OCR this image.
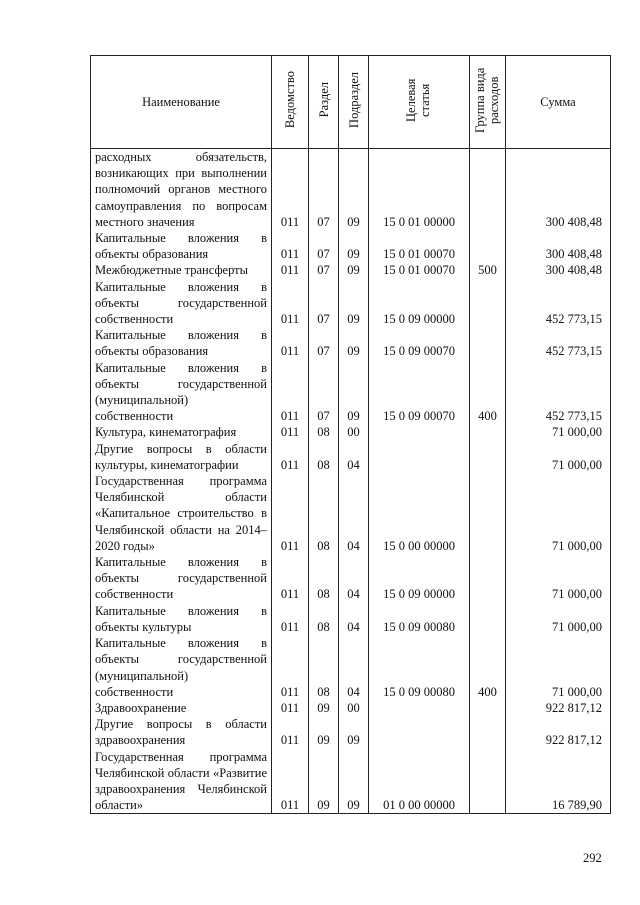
Наименование	Ведомство	Раздел	Подраздел	Целевая статья	Группа вида расходов	Сумма
расходных обязательств, возникающих при выполнении полномочий органов местного самоуправления по вопросам местного значения	011	07	09	15 0 01 00000		300 408,48
Капитальные вложения в объекты образования	011	07	09	15 0 01 00070		300 408,48
Межбюджетные трансферты	011	07	09	15 0 01 00070	500	300 408,48
Капитальные вложения в объекты государственной собственности	011	07	09	15 0 09 00000		452 773,15
Капитальные вложения в объекты образования	011	07	09	15 0 09 00070		452 773,15
Капитальные вложения в объекты государственной (муниципальной) собственности	011	07	09	15 0 09 00070	400	452 773,15
Культура, кинематография	011	08	00			71 000,00
Другие вопросы в области культуры, кинематографии	011	08	04			71 000,00
Государственная программа Челябинской области «Капитальное строительство в Челябинской области на 2014–2020 годы»	011	08	04	15 0 00 00000		71 000,00
Капитальные вложения в объекты государственной собственности	011	08	04	15 0 09 00000		71 000,00
Капитальные вложения в объекты культуры	011	08	04	15 0 09 00080		71 000,00
Капитальные вложения в объекты государственной (муниципальной) собственности	011	08	04	15 0 09 00080	400	71 000,00
Здравоохранение	011	09	00			922 817,12
Другие вопросы в области здравоохранения	011	09	09			922 817,12
Государственная программа Челябинской области «Развитие здравоохранения Челябинской области»	011	09	09	01 0 00 00000		16 789,90
292
